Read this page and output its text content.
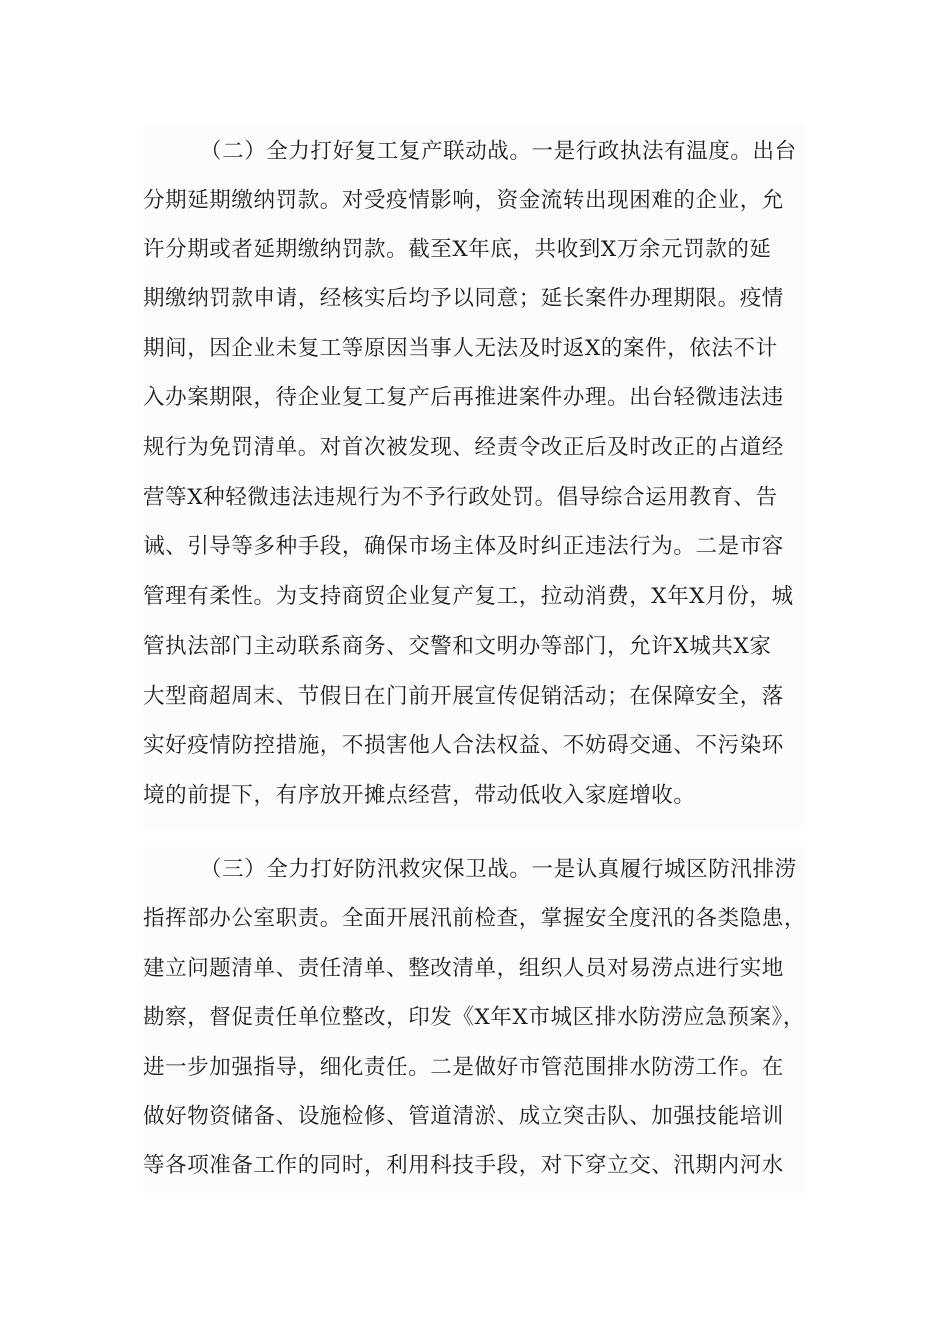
（二）全力打好复工复产联动战。一是行政执法有温度。出台
分期延期缴纳罚款。对受疫情影响，资金流转出现困难的企业，允
许分期或者延期缴纳罚款。截至X年底，共收到X万余元罚款的延
期缴纳罚款申请，经核实后均予以同意；延长案件办理期限。疫情
期间，因企业未复工等原因当事人无法及时返X的案件，依法不计
入办案期限，待企业复工复产后再推进案件办理。出台轻微违法违
规行为免罚清单。对首次被发现、经责令改正后及时改正的占道经
营等X种轻微违法违规行为不予行政处罚。倡导综合运用教育、告
诫、引导等多种手段，确保市场主体及时纠正违法行为。二是市容
管理有柔性。为支持商贸企业复产复工，拉动消费，X年X月份，城
管执法部门主动联系商务、交警和文明办等部门，允许X城共X家
大型商超周末、节假日在门前开展宣传促销活动；在保障安全，落
实好疫情防控措施，不损害他人合法权益、不妨碍交通、不污染环
境的前提下，有序放开摊点经营，带动低收入家庭增收。
（三）全力打好防汛救灾保卫战。一是认真履行城区防汛排涝
指挥部办公室职责。全面开展汛前检查，掌握安全度汛的各类隐患，
建立问题清单、责任清单、整改清单，组织人员对易涝点进行实地
勘察，督促责任单位整改，印发《X年X市城区排水防涝应急预案》，
进一步加强指导，细化责任。二是做好市管范围排水防涝工作。在
做好物资储备、设施检修、管道清淤、成立突击队、加强技能培训
等各项准备工作的同时，利用科技手段，对下穿立交、汛期内河水
